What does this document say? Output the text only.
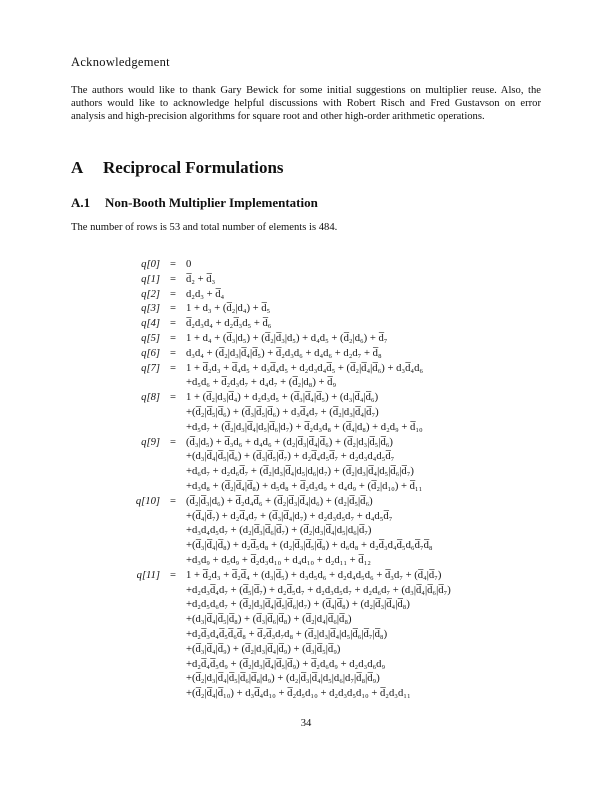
Acknowledgement

The authors would like to thank Gary Bewick for some initial suggestions on multiplier reuse. Also, the authors would like to acknowledge helpful discussions with Robert Risch and Fred Gustavson on error analysis and high-precision algorithms for square root and other high-order arithmetic operations.

A Reciprocal Formulations
A.1 Non-Booth Multiplier Implementation

The number of rows is 53 and total number of elements is 484.

q[0] = 0
q[1] = d̅₂ + d̅₃
q[2] = d₂d₃ + d̅₄
q[3] = 1 + d₃ + (d̅₂|d₄) + d̅₅
q[4] = d̅₂d₃d₄ + d₂d̅₃d₅ + d̅₆
q[5] = 1 + d₄ + (d̅₃|d₅) + (d̅₂|d̅₃|d₅) + d₄d₅ + (d̅₂|d₆) + d̅₇
q[6] = d₃d₄ + (d̅₂|d₃|d̅₄|d̅₅) + d̅₂d₃d₆ + d₄d₆ + d₂d₇ + d̅₈
q[7] = 1 + d̅₂d₃ + d̅₄d₅ + d₃d̅₄d₅ + d₂d₃d₄d̅₅ + (d̅₂|d̅₄|d̅₆) + d₃d̅₄d₆
+d₅d₆ + d̅₂d₃d₇ + d₄d₇ + (d̅₂|d₈) + d̅₉
q[8] = 1 + (d̅₂|d₃|d̅₄) + d₂d₃d₅ + (d̅₃|d̅₄|d̅₅) + (d₃|d̅₄|d̅₆)
+(d̅₂|d̅₅|d̅₆) + (d̅₃|d̅₅|d̅₆) + d₃d̅₄d₇ + (d̅₂|d₃|d̅₄|d̅₇)
+d₅d₇ + (d̅₂|d₃|d̅₄|d₅|d̅₆|d₇) + d̅₂d₃d₈ + (d̅₄|d₈) + d₂d₉ + d̅₁₀
q[9] = (d̅₃|d₅) + d̅₃d₆ + d₄d₆ + (d₂|d̅₃|d̅₄|d̅₆) + (d̅₂|d₃|d̅₅|d̅₆)
+(d₃|d̅₄|d̅₅|d̅₆) + (d̅₃|d̅₅|d̅₇) + d₂d̅₄d₅d̅₇ + d₂d₃d₄d₅d̅₇
+d₆d₇ + d₂d₆d̅₇ + (d̅₂|d₃|d̅₄|d₅|d₆|d₇) + (d̅₂|d₃|d̅₄|d₅|d̅₆|d̅₇)
+d₃d₈ + (d̅₂|d̅₄|d̅₈) + d₅d₈ + d̅₂d₃d₉ + d₄d₉ + (d̅₂|d₁₀) + d̅₁₁
q[10] = (d̅₂|d̅₃|d₆) + d̅₂d₄d̅₆ + (d̅₂|d̅₃|d̅₄|d₆) + (d₂|d̅₅|d̅₆)
+(d̅₄|d̅₇) + d₂d̅₄d₇ + (d̅₃|d̅₄|d₇) + d₂d₃d₅d₇ + d₄d₅d̅₇
+d₃d₄d₅d₇ + (d₂|d̅₃|d̅₆|d̅₇) + (d̅₂|d₃|d̅₄|d₅|d₆|d̅₇)
+(d̅₃|d̅₄|d̅₈) + d₂d̅₅d₈ + (d₂|d̅₃|d̅₅|d̅₈) + d₆d₈ + d₂d̅₃d₄d̅₅d₆d̅₇d̅₈
+d₃d₉ + d₅d₉ + d̅₂d₃d₁₀ + d₄d₁₀ + d₂d₁₁ + d̅₁₂
q[11] = 1 + d̅₂d₃ + d̅₂d̅₄ + (d₃|d̅₅) + d₃d₅d₆ + d₂d₄d₅d₆ + d̅₃d₇ + (d̅₄|d̅₇)
+d₂d₃d̅₄d₇ + (d̅₅|d̅₇) + d₂d̅₅d₇ + d₂d₃d₅d₇ + d₂d₆d₇ + (d₃|d̅₄|d̅₆|d̅₇)
+d₂d₅d₆d₇ + (d̅₂|d₃|d̅₄|d̅₅|d̅₆|d₇) + (d̅₄|d̅₈) + (d₂|d̅₃|d̅₄|d̅₈)
+(d₃|d̅₄|d̅₅|d̅₈) + (d̅₃|d̅₆|d̅₈) + (d̅₂|d₄|d̅₆|d̅₈)
+d₂d̅₃d₄d̅₅d̅₆d̅₈ + d̅₂d̅₃d₇d₈ + (d̅₂|d₃|d̅₄|d₅|d̅₆|d̅₇|d̅₈)
+(d̅₃|d̅₄|d̅₉) + (d̅₂|d₃|d̅₄|d̅₉) + (d̅₃|d̅₅|d̅₉)
+d₂d̅₄d̅₅d₉ + (d̅₂|d₃|d̅₄|d̅₅|d̅₉) + d̅₂d₆d₉ + d₂d₃d₆d₉
+(d̅₂|d₃|d̅₄|d̅₅|d̅₆|d̅₈|d₉) + (d₂|d̅₃|d̅₄|d₅|d₆|d₇|d̅₈|d̅₉)
+(d̅₂|d̅₄|d̅₁₀) + d₃d̅₄d₁₀ + d̅₂d₅d₁₀ + d₂d₃d₅d₁₀ + d̅₂d₃d₁₁
34
